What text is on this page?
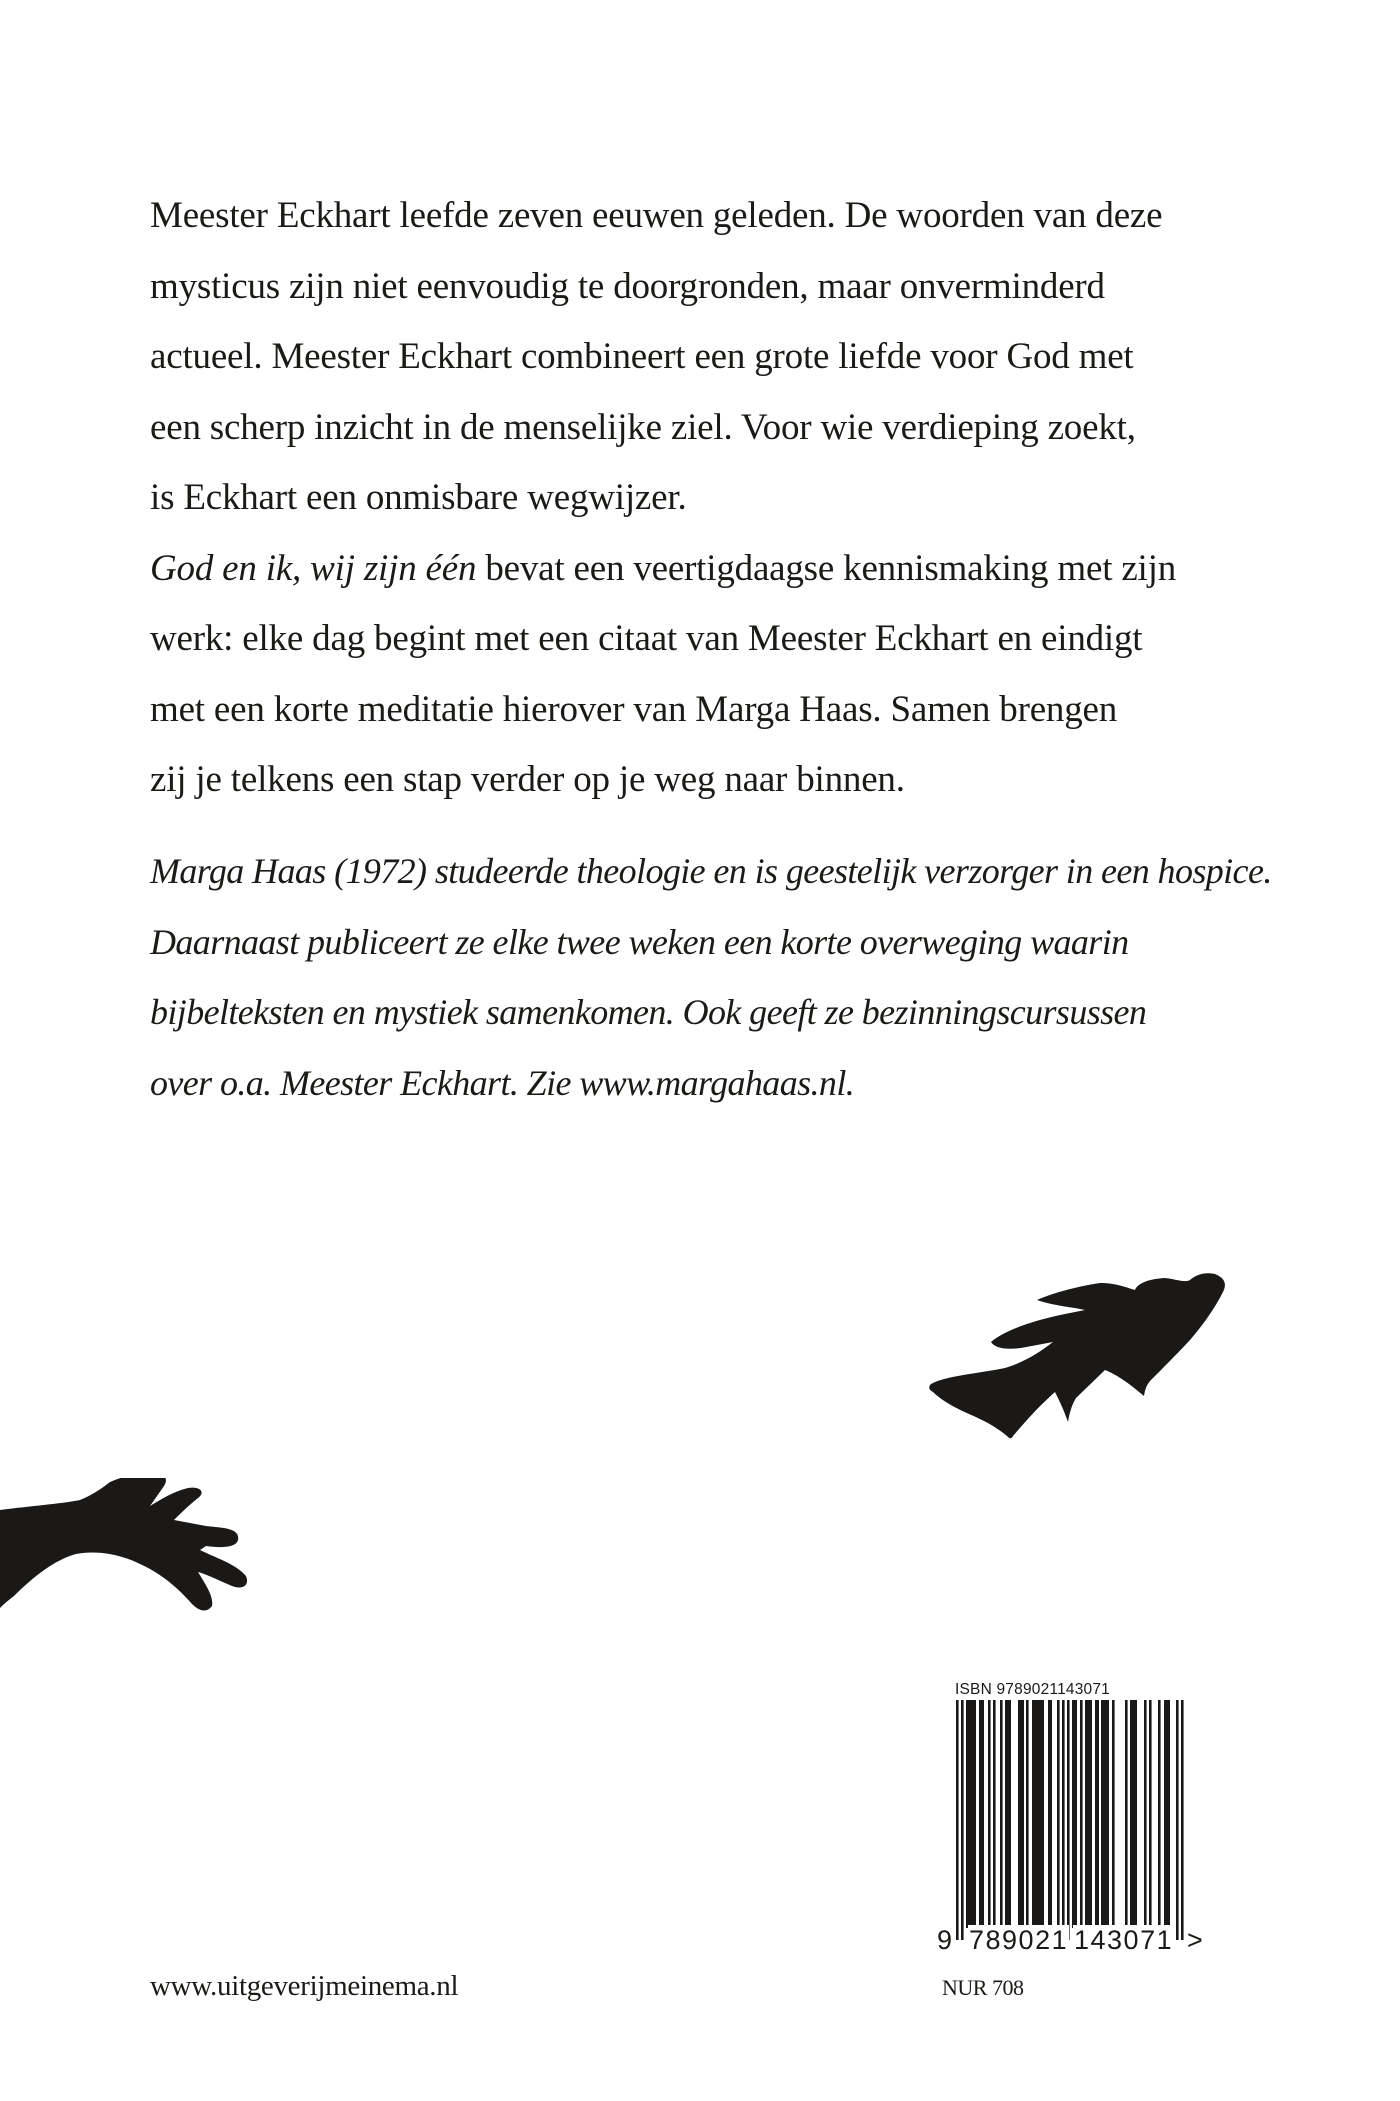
Meester Eckhart leefde zeven eeuwen geleden. De woorden van deze
mysticus zijn niet eenvoudig te doorgronden, maar onverminderd
actueel. Meester Eckhart combineert een grote liefde voor God met
een scherp inzicht in de menselijke ziel. Voor wie verdieping zoekt,
is Eckhart een onmisbare wegwijzer.
God en ik, wij zijn één bevat een veertigdaagse kennismaking met zijn
werk: elke dag begint met een citaat van Meester Eckhart en eindigt
met een korte meditatie hierover van Marga Haas. Samen brengen
zij je telkens een stap verder op je weg naar binnen.
Marga Haas (1972) studeerde theologie en is geestelijk verzorger in een hospice.
Daarnaast publiceert ze elke twee weken een korte overweging waarin
bijbelteksten en mystiek samenkomen. Ook geeft ze bezinningscursussen
over o.a. Meester Eckhart. Zie www.margahaas.nl.
ISBN 9789021143071
9 789021 143071 >
NUR 708
www.uitgeverijmeinema.nl
